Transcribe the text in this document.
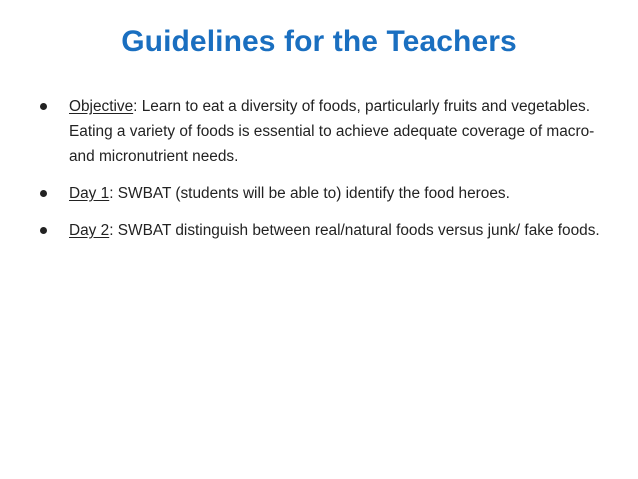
Guidelines for the Teachers
Objective: Learn to eat a diversity of foods, particularly fruits and vegetables. Eating a variety of foods is essential to achieve adequate coverage of macro- and micronutrient needs.
Day 1: SWBAT (students will be able to) identify the food heroes.
Day 2: SWBAT distinguish between real/natural foods versus junk/ fake foods.
